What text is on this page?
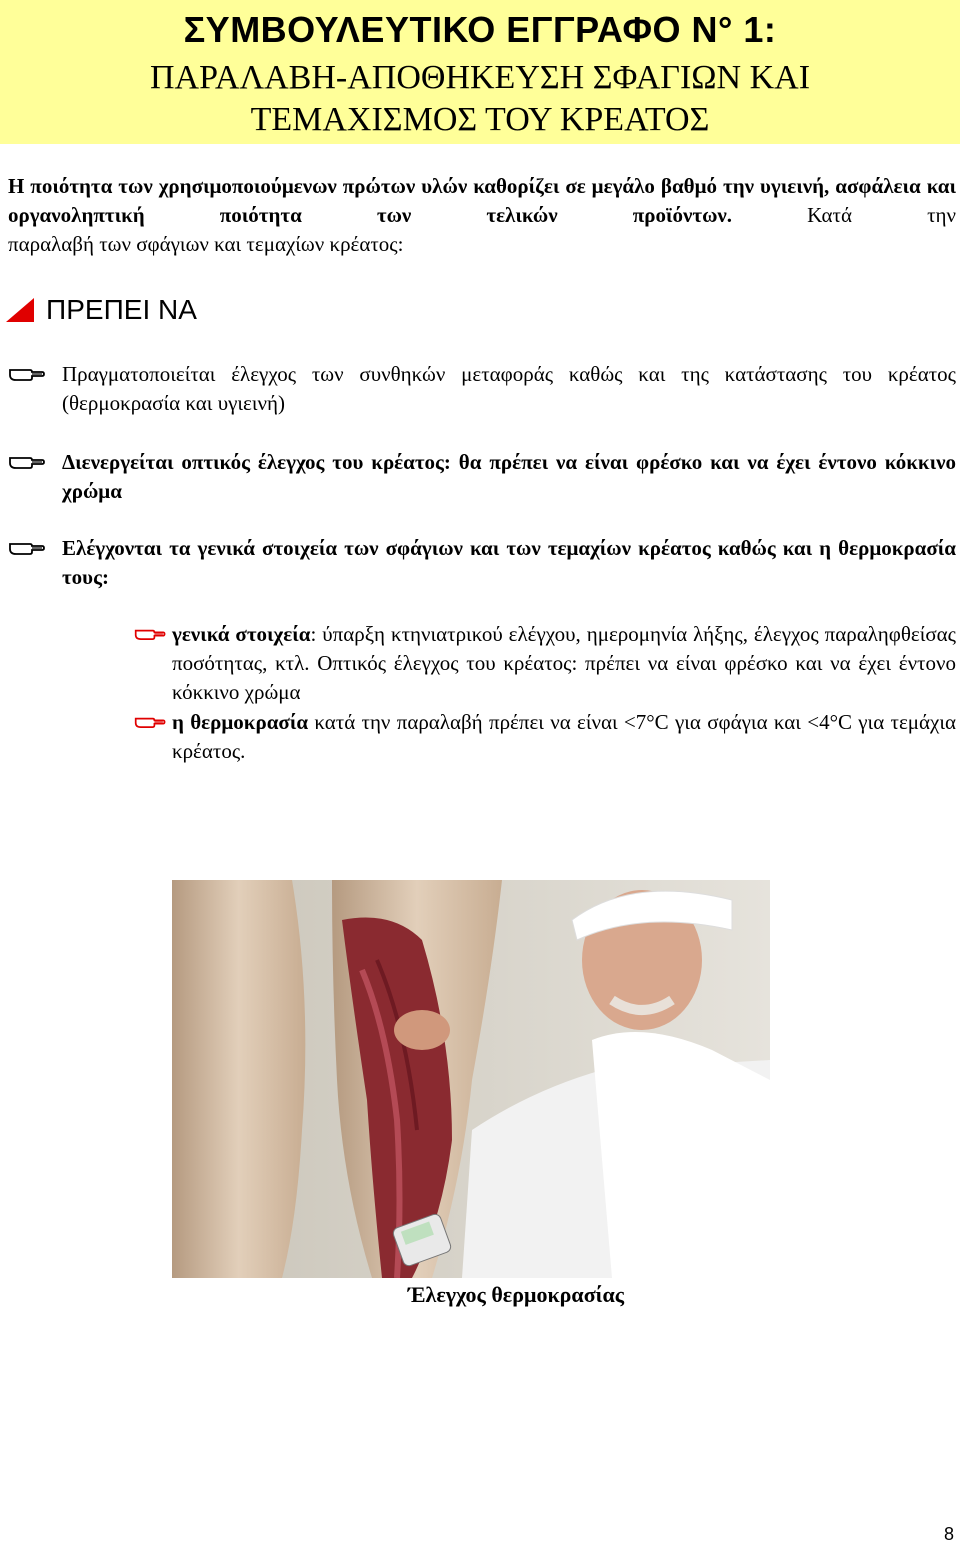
ΣΥΜΒΟΥΛΕΥΤΙΚΟ ΕΓΓΡΑΦΟ Ν° 1:
ΠΑΡΑΛΑΒΗ-ΑΠΟΘΗΚΕΥΣΗ ΣΦΑΓΙΩΝ ΚΑΙ
ΤΕΜΑΧΙΣΜΟΣ ΤΟΥ ΚΡΕΑΤΟΣ
Η ποιότητα των χρησιμοποιούμενων πρώτων υλών καθορίζει σε μεγάλο βαθμό την υγιεινή, ασφάλεια και οργανοληπτική ποιότητα των τελικών προϊόντων. Κατά την
παραλαβή των σφάγιων και τεμαχίων κρέατος:
ΠΡΕΠΕΙ ΝΑ
Πραγματοποιείται έλεγχος των συνθηκών μεταφοράς καθώς και της κατάστασης του κρέατος (θερμοκρασία και υγιεινή)
Διενεργείται οπτικός έλεγχος του κρέατος: θα πρέπει να είναι φρέσκο και να έχει έντονο κόκκινο χρώμα
Ελέγχονται τα γενικά στοιχεία των σφάγιων και των τεμαχίων κρέατος καθώς και η θερμοκρασία τους:
γενικά στοιχεία: ύπαρξη κτηνιατρικού ελέγχου, ημερομηνία λήξης, έλεγχος παραληφθείσας ποσότητας, κτλ. Οπτικός έλεγχος του κρέατος: πρέπει να είναι φρέσκο και να έχει έντονο κόκκινο χρώμα
η θερμοκρασία κατά την παραλαβή πρέπει να είναι <7°C για σφάγια και <4°C για τεμάχια κρέατος.
Έλεγχος θερμοκρασίας
8
